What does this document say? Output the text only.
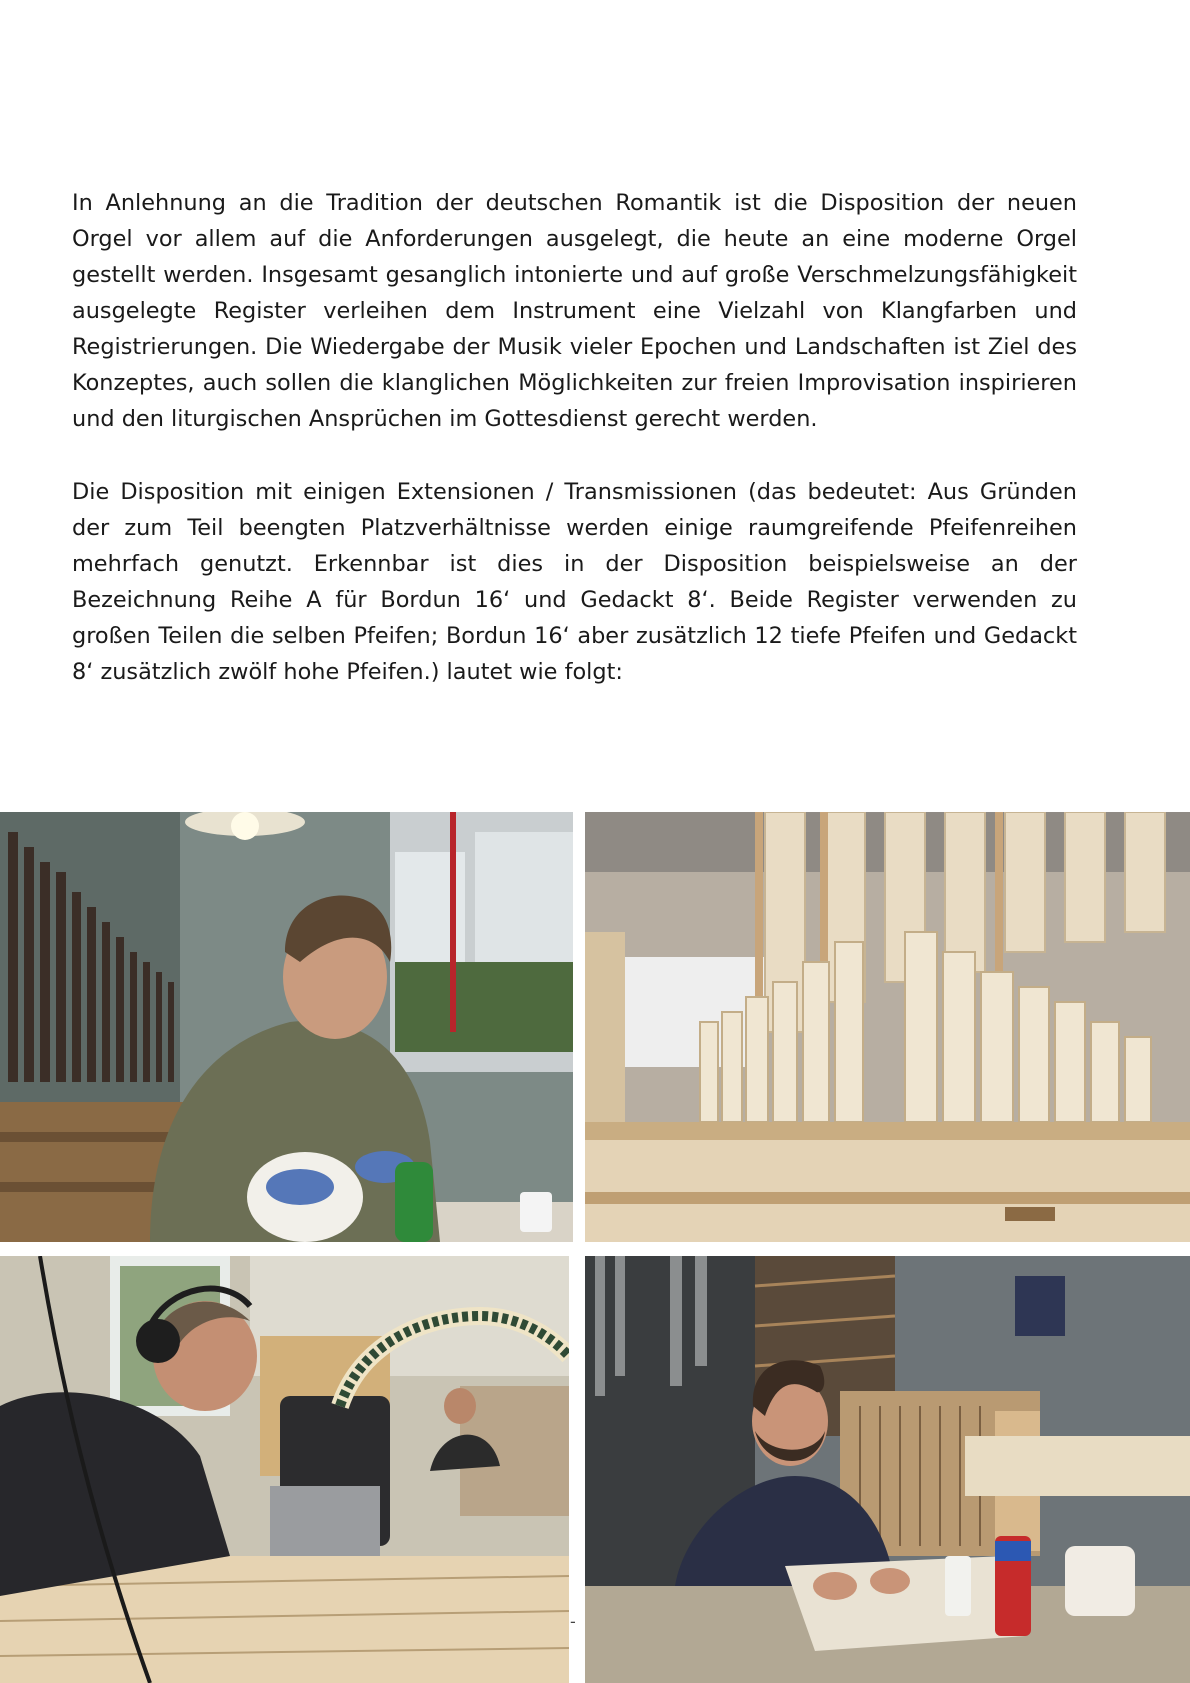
In Anlehnung an die Tradition der deutschen Romantik ist die Disposition der neuen Orgel vor allem auf die Anforderungen ausgelegt, die heute an eine moderne Orgel gestellt werden. Insgesamt gesanglich intonierte und auf große Verschmelzungsfähigkeit ausgelegte Register verleihen dem Instrument eine Vielzahl von Klangfarben und Registrierungen. Die Wiedergabe der Musik vieler Epochen und Landschaften ist Ziel des Konzeptes, auch sollen die klanglichen Möglichkeiten zur freien Improvisation inspirieren und den liturgischen Ansprüchen im Gottesdienst gerecht werden.

Die Disposition mit einigen Extensionen / Transmissionen (das bedeutet: Aus Gründen der zum Teil beengten Platzverhältnisse werden einige raumgreifende Pfeifenreihen mehrfach genutzt. Erkennbar ist dies in der Disposition beispielsweise an der Bezeichnung Reihe A für Bordun 16‘ und Gedackt 8‘. Beide Register verwenden zu großen Teilen die selben Pfeifen; Bordun 16‘ aber zusätzlich 12 tiefe Pfeifen und Gedackt 8‘ zusätzlich zwölf hohe Pfeifen.) lautet wie folgt:

-
